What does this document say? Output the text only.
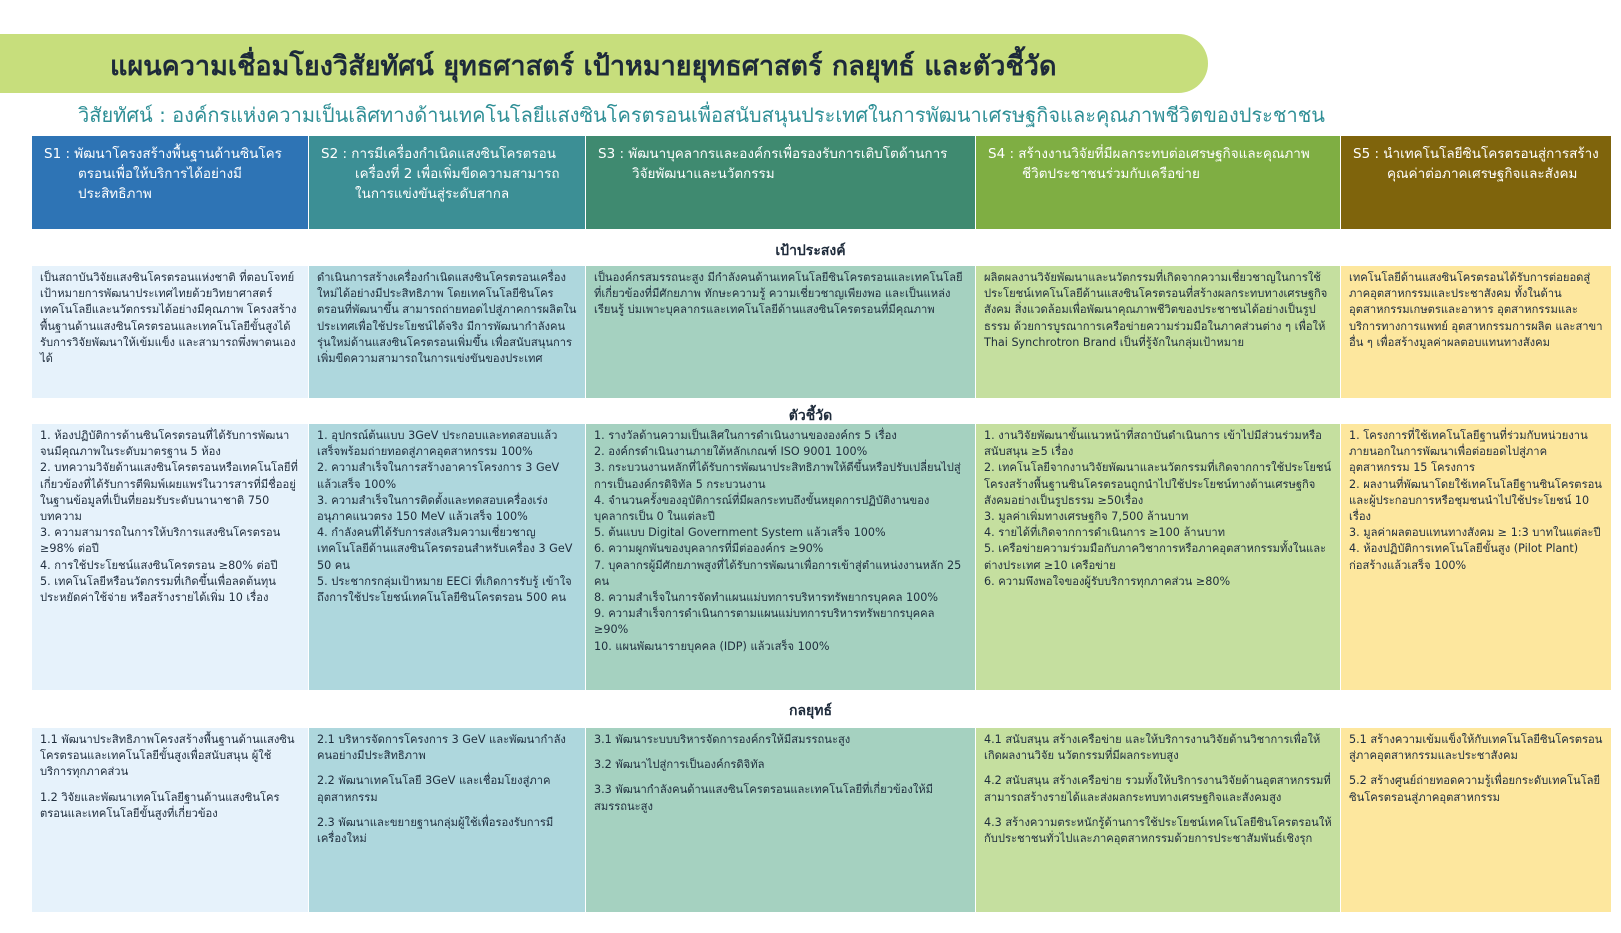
แผนความเชื่อมโยงวิสัยทัศน์ ยุทธศาสตร์ เป้าหมายยุทธศาสตร์ กลยุทธ์ และตัวชี้วัด
วิสัยทัศน์ : องค์กรแห่งความเป็นเลิศทางด้านเทคโนโลยีแสงซินโครตรอนเพื่อสนับสนุนประเทศในการพัฒนาเศรษฐกิจและคุณภาพชีวิตของประชาชน
S1 : พัฒนาโครงสร้างพื้นฐานด้านซินโครตรอนเพื่อให้บริการได้อย่างมีประสิทธิภาพ
S2 : การมีเครื่องกำเนิดแสงซินโครตรอนเครื่องที่ 2 เพื่อเพิ่มขีดความสามารถในการแข่งขันสู่ระดับสากล
S3 : พัฒนาบุคลากรและองค์กรเพื่อรองรับการเติบโตด้านการวิจัยพัฒนาและนวัตกรรม
S4 : สร้างงานวิจัยที่มีผลกระทบต่อเศรษฐกิจและคุณภาพชีวิตประชาชนร่วมกับเครือข่าย
S5 : นำเทคโนโลยีซินโครตรอนสู่การสร้างคุณค่าต่อภาคเศรษฐกิจและสังคม
เป้าประสงค์
เป็นสถาบันวิจัยแสงซินโครตรอนแห่งชาติ ที่ตอบโจทย์เป้าหมายการพัฒนาประเทศไทยด้วยวิทยาศาสตร์เทคโนโลยีและนวัตกรรมได้อย่างมีคุณภาพ โครงสร้างพื้นฐานด้านแสงซินโครตรอนและเทคโนโลยีขั้นสูงได้รับการวิจัยพัฒนาให้เข้มแข็ง และสามารถพึ่งพาตนเองได้
ดำเนินการสร้างเครื่องกำเนิดแสงซินโครตรอนเครื่องใหม่ได้อย่างมีประสิทธิภาพ โดยเทคโนโลยีซินโครตรอนที่พัฒนาขึ้น สามารถถ่ายทอดไปสู่ภาคการผลิตในประเทศเพื่อใช้ประโยชน์ได้จริง มีการพัฒนากำลังคนรุ่นใหม่ด้านแสงซินโครตรอนเพิ่มขึ้น เพื่อสนับสนุนการเพิ่มขีดความสามารถในการแข่งขันของประเทศ
เป็นองค์กรสมรรถนะสูง มีกำลังคนด้านเทคโนโลยีซินโครตรอนและเทคโนโลยีที่เกี่ยวข้องที่มีศักยภาพ ทักษะความรู้ ความเชี่ยวชาญเพียงพอ และเป็นแหล่งเรียนรู้ บ่มเพาะบุคลากรและเทคโนโลยีด้านแสงซินโครตรอนที่มีคุณภาพ
ผลิตผลงานวิจัยพัฒนาและนวัตกรรมที่เกิดจากความเชี่ยวชาญในการใช้ประโยชน์เทคโนโลยีด้านแสงซินโครตรอนที่สร้างผลกระทบทางเศรษฐกิจ สังคม สิ่งแวดล้อมเพื่อพัฒนาคุณภาพชีวิตของประชาชนได้อย่างเป็นรูปธรรม ด้วยการบูรณาการเครือข่ายความร่วมมือในภาคส่วนต่าง ๆ เพื่อให้ Thai Synchrotron Brand เป็นที่รู้จักในกลุ่มเป้าหมาย
เทคโนโลยีด้านแสงซินโครตรอนได้รับการต่อยอดสู่ภาคอุตสาหกรรมและประชาสังคม ทั้งในด้านอุตสาหกรรมเกษตรและอาหาร อุตสาหกรรมและบริการทางการแพทย์ อุตสาหกรรมการผลิต และสาขาอื่น ๆ เพื่อสร้างมูลค่าผลตอบแทนทางสังคม
ตัวชี้วัด
1. ห้องปฏิบัติการด้านซินโครตรอนที่ได้รับการพัฒนาจนมีคุณภาพในระดับมาตรฐาน 5 ห้อง
2. บทความวิจัยด้านแสงซินโครตรอนหรือเทคโนโลยีที่เกี่ยวข้องที่ได้รับการตีพิมพ์เผยแพร่ในวารสารที่มีชื่ออยู่ในฐานข้อมูลที่เป็นที่ยอมรับระดับนานาชาติ 750 บทความ
3. ความสามารถในการให้บริการแสงซินโครตรอน ≥98% ต่อปี
4. การใช้ประโยชน์แสงซินโครตรอน ≥80% ต่อปี
5. เทคโนโลยีหรือนวัตกรรมที่เกิดขึ้นเพื่อลดต้นทุน ประหยัดค่าใช้จ่าย หรือสร้างรายได้เพิ่ม 10 เรื่อง
1. อุปกรณ์ต้นแบบ 3GeV ประกอบและทดสอบแล้วเสร็จพร้อมถ่ายทอดสู่ภาคอุตสาหกรรม 100%
2. ความสำเร็จในการสร้างอาคารโครงการ 3 GeV แล้วเสร็จ 100%
3. ความสำเร็จในการติดตั้งและทดสอบเครื่องเร่งอนุภาคแนวตรง 150 MeV แล้วเสร็จ 100%
4. กำลังคนที่ได้รับการส่งเสริมความเชี่ยวชาญเทคโนโลยีด้านแสงซินโครตรอนสำหรับเครื่อง 3 GeV 50 คน
5. ประชากรกลุ่มเป้าหมาย EECi ที่เกิดการรับรู้ เข้าใจถึงการใช้ประโยชน์เทคโนโลยีซินโครตรอน 500 คน
1. รางวัลด้านความเป็นเลิศในการดำเนินงานขององค์กร 5 เรื่อง
2. องค์กรดำเนินงานภายใต้หลักเกณฑ์ ISO 9001 100%
3. กระบวนงานหลักที่ได้รับการพัฒนาประสิทธิภาพให้ดีขึ้นหรือปรับเปลี่ยนไปสู่การเป็นองค์กรดิจิทัล 5 กระบวนงาน
4. จำนวนครั้งของอุบัติการณ์ที่มีผลกระทบถึงขั้นหยุดการปฏิบัติงานของบุคลากรเป็น 0 ในแต่ละปี
5. ต้นแบบ Digital Government System แล้วเสร็จ 100%
6. ความผูกพันของบุคลากรที่มีต่อองค์กร ≥90%
7. บุคลากรผู้มีศักยภาพสูงที่ได้รับการพัฒนาเพื่อการเข้าสู่ตำแหน่งงานหลัก 25 คน
8. ความสำเร็จในการจัดทำแผนแม่บทการบริหารทรัพยากรบุคคล 100%
9. ความสำเร็จการดำเนินการตามแผนแม่บทการบริหารทรัพยากรบุคคล ≥90%
10. แผนพัฒนารายบุคคล (IDP) แล้วเสร็จ 100%
1. งานวิจัยพัฒนาขั้นแนวหน้าที่สถาบันดำเนินการ เข้าไปมีส่วนร่วมหรือสนับสนุน ≥5 เรื่อง
2. เทคโนโลยีจากงานวิจัยพัฒนาและนวัตกรรมที่เกิดจากการใช้ประโยชน์โครงสร้างพื้นฐานซินโครตรอนถูกนำไปใช้ประโยชน์ทางด้านเศรษฐกิจสังคมอย่างเป็นรูปธรรม ≥50เรื่อง
3. มูลค่าเพิ่มทางเศรษฐกิจ 7,500 ล้านบาท
4. รายได้ที่เกิดจากการดำเนินการ ≥100 ล้านบาท
5. เครือข่ายความร่วมมือกับภาควิชาการหรือภาคอุตสาหกรรมทั้งในและต่างประเทศ ≥10 เครือข่าย
6. ความพึงพอใจของผู้รับบริการทุกภาคส่วน ≥80%
1. โครงการที่ใช้เทคโนโลยีฐานที่ร่วมกับหน่วยงานภายนอกในการพัฒนาเพื่อต่อยอดไปสู่ภาคอุตสาหกรรม 15 โครงการ
2. ผลงานที่พัฒนาโดยใช้เทคโนโลยีฐานซินโครตรอนและผู้ประกอบการหรือชุมชนนำไปใช้ประโยชน์ 10 เรื่อง
3. มูลค่าผลตอบแทนทางสังคม ≥ 1:3 บาทในแต่ละปี
4. ห้องปฏิบัติการเทคโนโลยีขั้นสูง (Pilot Plant) ก่อสร้างแล้วเสร็จ 100%
กลยุทธ์
1.1 พัฒนาประสิทธิภาพโครงสร้างพื้นฐานด้านแสงซินโครตรอนและเทคโนโลยีขั้นสูงเพื่อสนับสนุน ผู้ใช้บริการทุกภาคส่วน
1.2 วิจัยและพัฒนาเทคโนโลยีฐานด้านแสงซินโครตรอนและเทคโนโลยีขั้นสูงที่เกี่ยวข้อง
2.1 บริหารจัดการโครงการ 3 GeV และพัฒนากำลังคนอย่างมีประสิทธิภาพ
2.2 พัฒนาเทคโนโลยี 3GeV และเชื่อมโยงสู่ภาคอุตสาหกรรม
2.3 พัฒนาและขยายฐานกลุ่มผู้ใช้เพื่อรองรับการมีเครื่องใหม่
3.1 พัฒนาระบบบริหารจัดการองค์กรให้มีสมรรถนะสูง
3.2 พัฒนาไปสู่การเป็นองค์กรดิจิทัล
3.3 พัฒนากำลังคนด้านแสงซินโครตรอนและเทคโนโลยีที่เกี่ยวข้องให้มีสมรรถนะสูง
4.1 สนับสนุน สร้างเครือข่าย และให้บริการงานวิจัยด้านวิชาการเพื่อให้เกิดผลงานวิจัย นวัตกรรมที่มีผลกระทบสูง
4.2 สนับสนุน สร้างเครือข่าย รวมทั้งให้บริการงานวิจัยด้านอุตสาหกรรมที่สามารถสร้างรายได้และส่งผลกระทบทางเศรษฐกิจและสังคมสูง
4.3 สร้างความตระหนักรู้ด้านการใช้ประโยชน์เทคโนโลยีซินโครตรอนให้กับประชาชนทั่วไปและภาคอุตสาหกรรมด้วยการประชาสัมพันธ์เชิงรุก
5.1 สร้างความเข้มแข็งให้กับเทคโนโลยีซินโครตรอนสู่ภาคอุตสาหกรรมและประชาสังคม
5.2 สร้างศูนย์ถ่ายทอดความรู้เพื่อยกระดับเทคโนโลยีซินโครตรอนสู่ภาคอุตสาหกรรม
